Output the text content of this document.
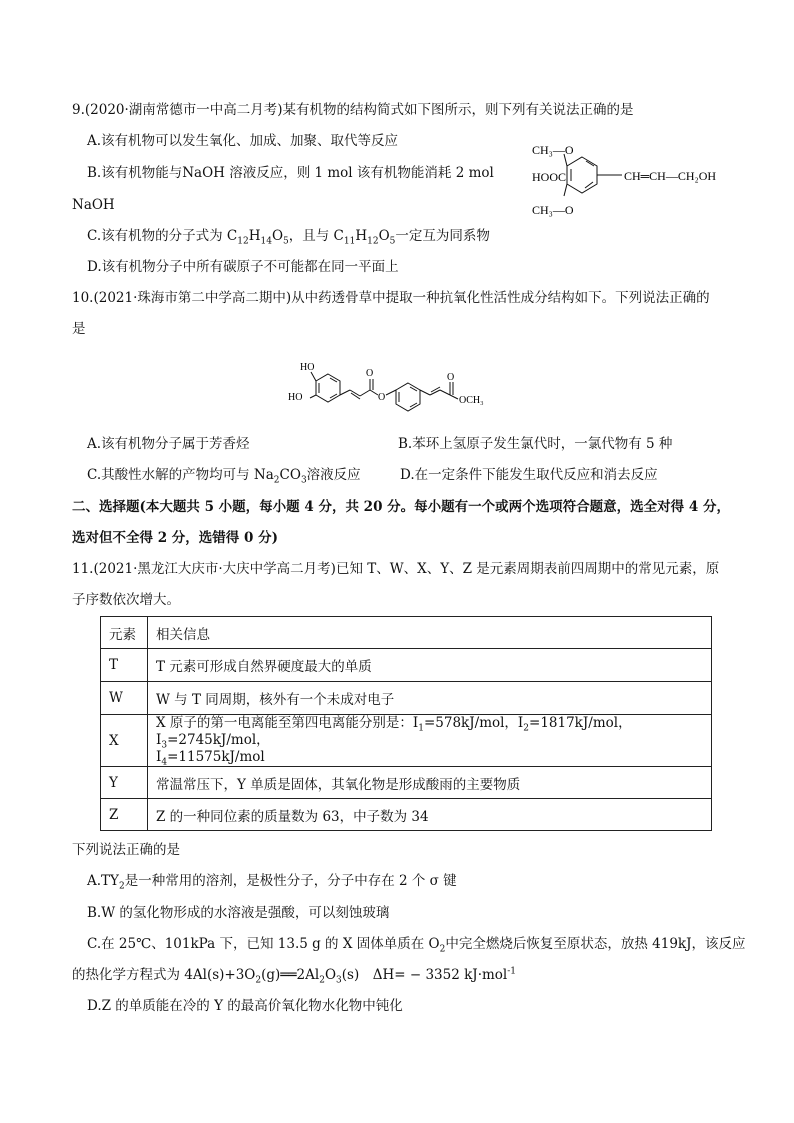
9.(2020·湖南常德市一中高二月考)某有机物的结构简式如下图所示，则下列有关说法正确的是
A.该有机物可以发生氧化、加成、加聚、取代等反应
B.该有机物能与NaOH 溶液反应，则 1 mol 该有机物能消耗 2 mol
NaOH
C.该有机物的分子式为 $C_{12}H_{14}O_5$，且与 $C_{11}H_{12}O_5$一定互为同系物
D.该有机物分子中所有碳原子不可能都在同一平面上
CH₃—O
HOOC	CH═CH—CH₂OH
CH₃—O
10.(2021·珠海市第二中学高二期中)从中药透骨草中提取一种抗氧化性活性成分结构如下。下列说法正确的
是
HO
HO
O
O
O
OCH₃
A.该有机物分子属于芳香烃	B.苯环上氢原子发生氯代时，一氯代物有 5 种
C.其酸性水解的产物均可与 $Na_2CO_3$溶液反应	D.在一定条件下能发生取代反应和消去反应
二、选择题(本大题共 5 小题，每小题 4 分，共 20 分。每小题有一个或两个选项符合题意，选全对得 4 分，
选对但不全得 2 分，选错得 0 分)
11.(2021·黑龙江大庆市·大庆中学高二月考)已知 T、W、X、Y、Z 是元素周期表前四周期中的常见元素，原
子序数依次增大。
元素	相关信息
T	T 元素可形成自然界硬度最大的单质
W	W 与 T 同周期，核外有一个未成对电子
X	X 原子的第一电离能至第四电离能分别是：$I_1=578kJ$/mol，$I_2=1817kJ$/mol，$I_3=2745kJ$/mol，
$I_4=11575kJ$/mol

Y	常温常压下，Y 单质是固体，其氧化物是形成酸雨的主要物质
Z	Z 的一种同位素的质量数为 63，中子数为 34
下列说法正确的是
$A.TY_2$是一种常用的溶剂，是极性分子，分子中存在 2 个 σ 键
B.W 的氢化物形成的水溶液是强酸，可以刻蚀玻璃
C.在 25℃、101kPa 下，已知 13.5 g 的 X 固体单质在 $O_2$中完全燃烧后恢复至原状态，放热 419kJ，该反应
的热化学方程式为 $4Al(s)+3O_2(g)══2Al_2O_3(s)$　ΔH= − 3352 kJ·mol$^{-1}$
D.Z 的单质能在冷的 Y 的最高价氧化物水化物中钝化
